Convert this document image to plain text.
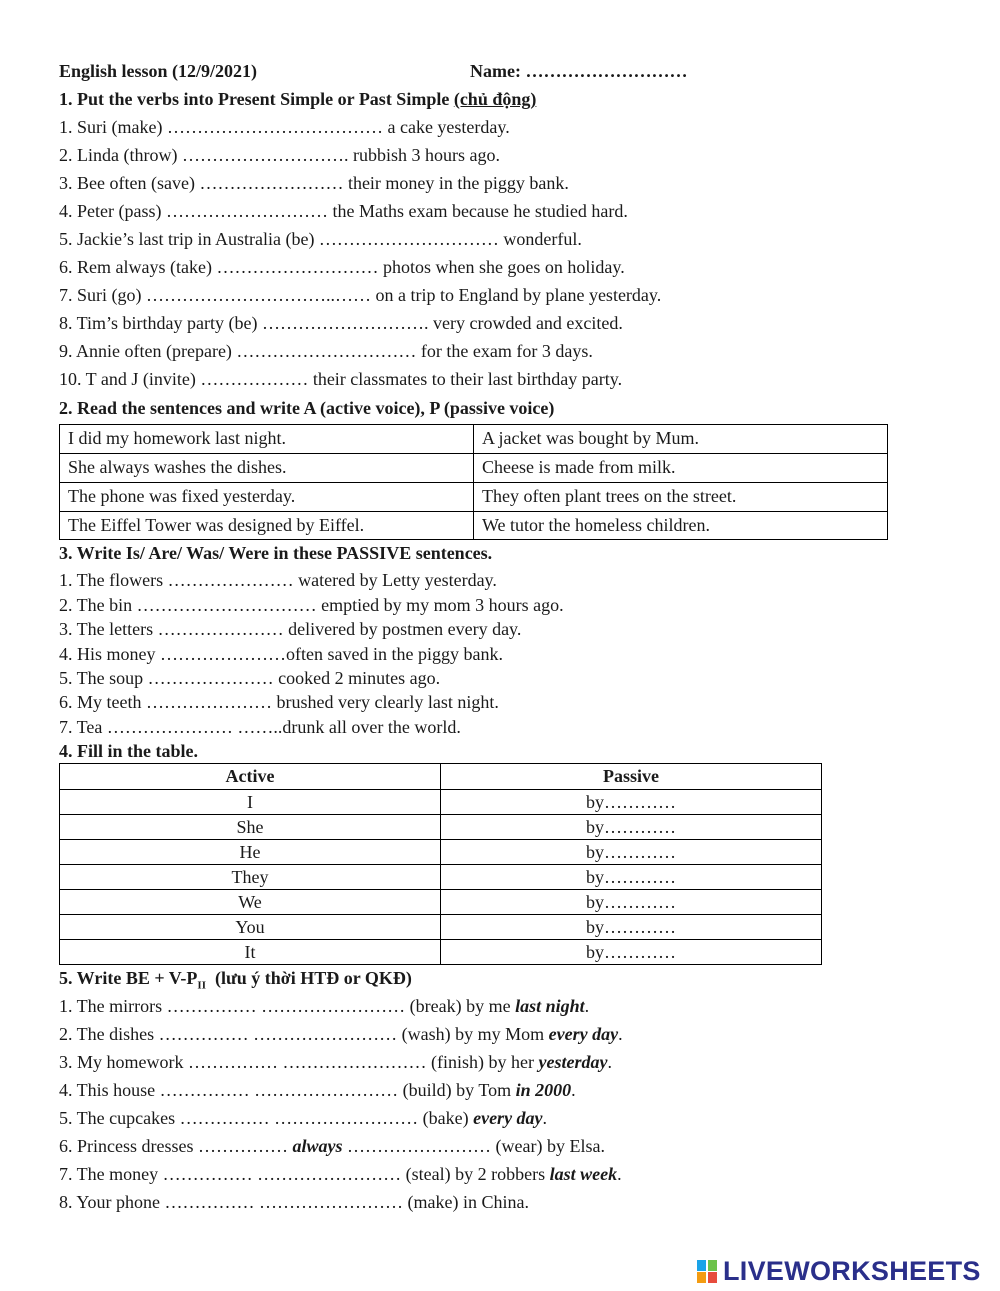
English lesson (12/9/2021)	Name: ………………………
1. Put the verbs into Present Simple or Past Simple (chủ động)
1. Suri (make) ……………………………… a cake yesterday.
2. Linda (throw) ………………………. rubbish 3 hours ago.
3. Bee often (save) …………………… their money in the piggy bank.
4. Peter (pass) ……………………… the Maths exam because he studied hard.
5. Jackie’s last trip in Australia (be) ………………………… wonderful.
6. Rem always (take) ……………………… photos when she goes on holiday.
7. Suri (go) …………………………..…… on a trip to England by plane yesterday.
8. Tim’s birthday party (be) ………………………. very crowded and excited.
9. Annie often (prepare) ………………………… for the exam for 3 days.
10. T and J (invite) ……………… their classmates to their last birthday party.
2. Read the sentences and write A (active voice), P (passive voice)
I did my homework last night.	A jacket was bought by Mum.
She always washes the dishes.	Cheese is made from milk.
The phone was fixed yesterday.	They often plant trees on the street.
The Eiffel Tower was designed by Eiffel.	We tutor the homeless children.
3. Write Is/ Are/ Was/ Were in these PASSIVE sentences.
1. The flowers ………………… watered by Letty yesterday.
2. The bin ………………………… emptied by my mom 3 hours ago.
3. The letters ………………… delivered by postmen every day.
4. His money …………………often saved in the piggy bank.
5. The soup ………………… cooked 2 minutes ago.
6. My teeth ………………… brushed very clearly last night.
7. Tea ………………… ……..drunk all over the world.
4. Fill in the table.
Active	Passive
I	by…………
She	by…………
He	by…………
They	by…………
We	by…………
You	by…………
It	by…………
5. Write BE + $V-P_{II}$ (lưu ý thời HTĐ or QKĐ)
1. The mirrors …………… …………………… (break) by me last night.
2. The dishes …………… …………………… (wash) by my Mom every day.
3. My homework …………… …………………… (finish) by her yesterday.
4. This house …………… …………………… (build) by Tom in 2000.
5. The cupcakes …………… …………………… (bake) every day.
6. Princess dresses …………… always …………………… (wear) by Elsa.
7. The money …………… …………………… (steal) by 2 robbers last week.
8. Your phone …………… …………………… (make) in China.
LIVEWORKSHEETS
